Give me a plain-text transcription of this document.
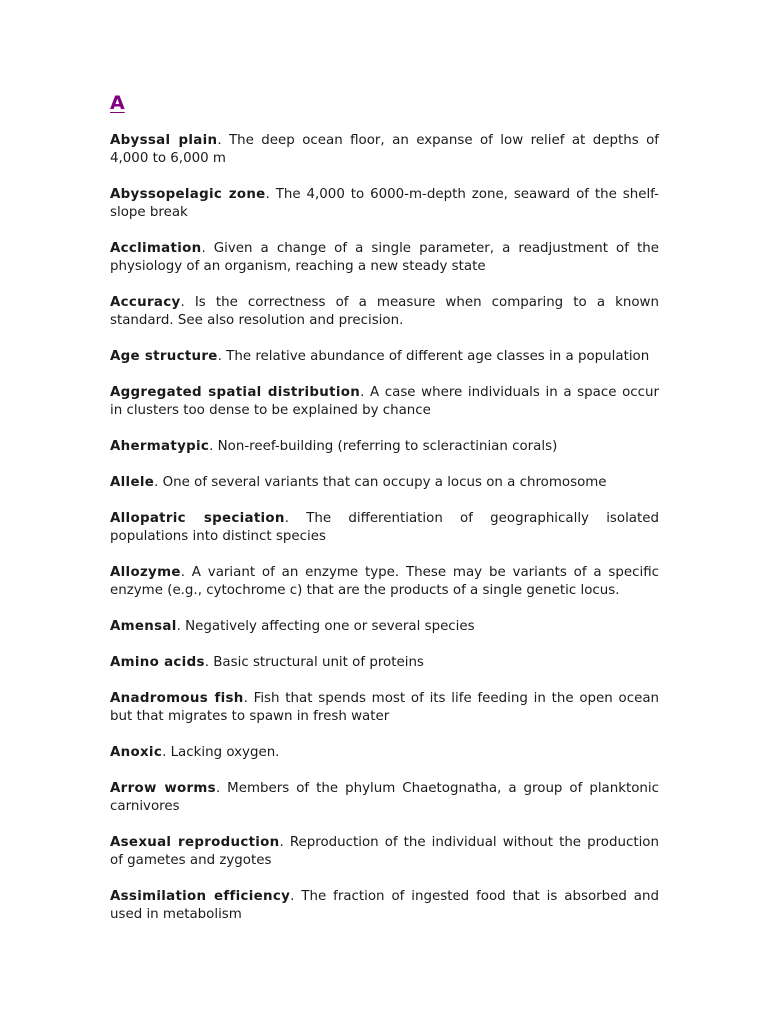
A

Abyssal plain. The deep ocean floor, an expanse of low relief at depths of 4,000 to 6,000 m

Abyssopelagic zone. The 4,000 to 6000-m-depth zone, seaward of the shelf-slope break

Acclimation. Given a change of a single parameter, a readjustment of the physiology of an organism, reaching a new steady state

Accuracy. Is the correctness of a measure when comparing to a known standard. See also resolution and precision.

Age structure. The relative abundance of different age classes in a population

Aggregated spatial distribution. A case where individuals in a space occur in clusters too dense to be explained by chance

Ahermatypic. Non-reef-building (referring to scleractinian corals)

Allele. One of several variants that can occupy a locus on a chromosome

Allopatric speciation. The differentiation of geographically isolated populations into distinct species

Allozyme. A variant of an enzyme type. These may be variants of a specific enzyme (e.g., cytochrome c) that are the products of a single genetic locus.

Amensal. Negatively affecting one or several species

Amino acids. Basic structural unit of proteins

Anadromous fish. Fish that spends most of its life feeding in the open ocean but that migrates to spawn in fresh water

Anoxic. Lacking oxygen.

Arrow worms. Members of the phylum Chaetognatha, a group of planktonic carnivores

Asexual reproduction. Reproduction of the individual without the production of gametes and zygotes

Assimilation efficiency. The fraction of ingested food that is absorbed and used in metabolism
